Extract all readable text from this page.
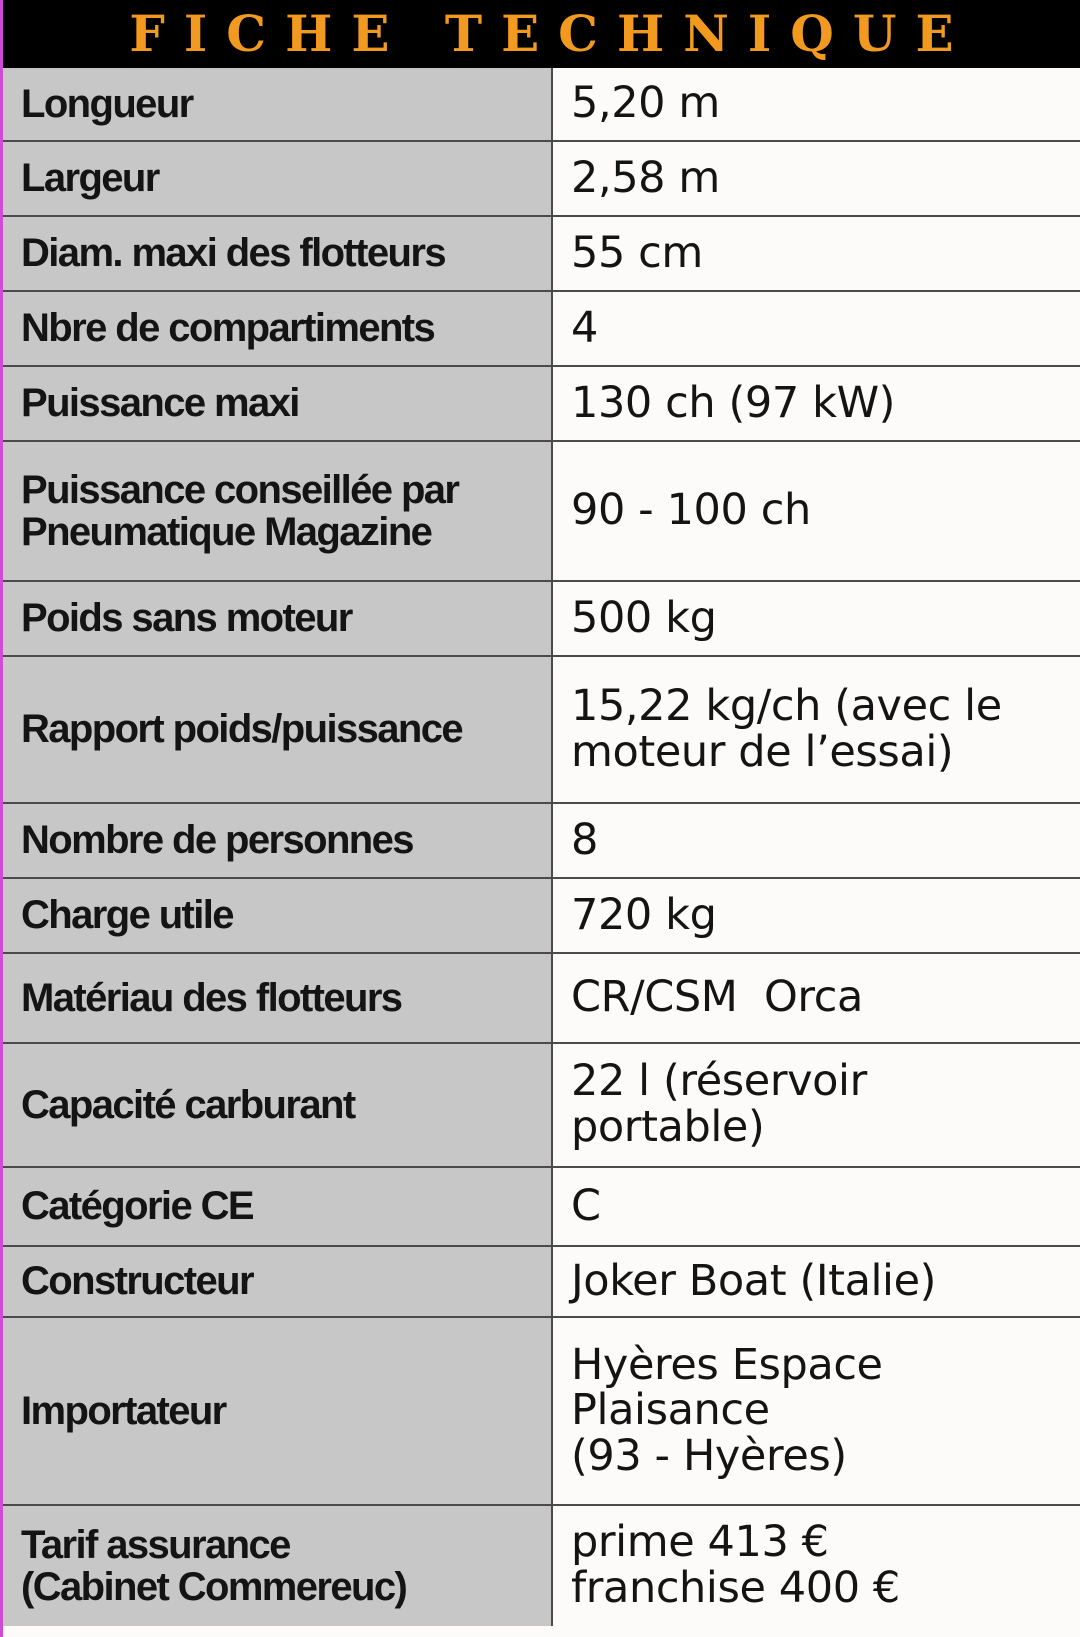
FICHE TECHNIQUE
Longueur	5,20 m
Largeur	2,58 m
Diam. maxi des flotteurs	55 cm
Nbre de compartiments	4
Puissance maxi	130 ch (97 kW)
Puissance conseillée par
Pneumatique Magazine	90 - 100 ch
Poids sans moteur	500 kg
Rapport poids/puissance	15,22 kg/ch (avec le
moteur de l’essai)
Nombre de personnes	8
Charge utile	720 kg
Matériau des flotteurs	CR/CSM  Orca
Capacité carburant	22 l (réservoir
portable)
Catégorie CE	C
Constructeur	Joker Boat (Italie)
Importateur	Hyères Espace
Plaisance
(93 - Hyères)
Tarif assurance
(Cabinet Commereuc)	prime 413 €
franchise 400 €
